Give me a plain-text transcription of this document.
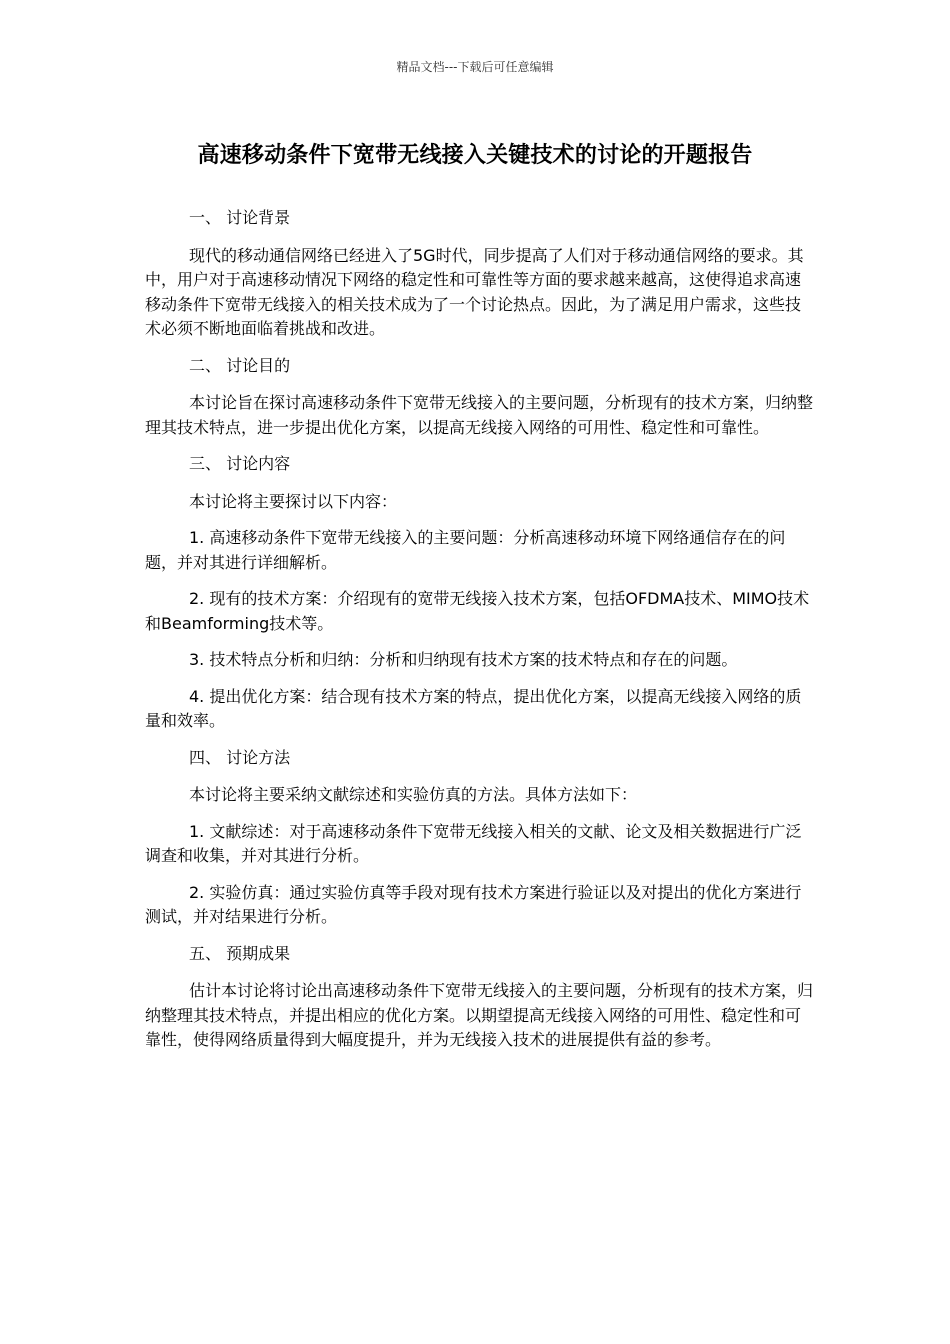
精品文档---下载后可任意编辑
高速移动条件下宽带无线接入关键技术的讨论的开题报告

一、 讨论背景

现代的移动通信网络已经进入了5G时代，同步提高了人们对于移动通信网络的要求。其中，用户对于高速移动情况下网络的稳定性和可靠性等方面的要求越来越高，这使得追求高速移动条件下宽带无线接入的相关技术成为了一个讨论热点。因此，为了满足用户需求，这些技术必须不断地面临着挑战和改进。

二、 讨论目的

本讨论旨在探讨高速移动条件下宽带无线接入的主要问题，分析现有的技术方案，归纳整理其技术特点，进一步提出优化方案，以提高无线接入网络的可用性、稳定性和可靠性。

三、 讨论内容

本讨论将主要探讨以下内容：

1. 高速移动条件下宽带无线接入的主要问题：分析高速移动环境下网络通信存在的问题，并对其进行详细解析。

2. 现有的技术方案：介绍现有的宽带无线接入技术方案，包括OFDMA技术、MIMO技术和Beamforming技术等。

3. 技术特点分析和归纳：分析和归纳现有技术方案的技术特点和存在的问题。

4. 提出优化方案：结合现有技术方案的特点，提出优化方案，以提高无线接入网络的质量和效率。

四、 讨论方法

本讨论将主要采纳文献综述和实验仿真的方法。具体方法如下：

1. 文献综述：对于高速移动条件下宽带无线接入相关的文献、论文及相关数据进行广泛调查和收集，并对其进行分析。

2. 实验仿真：通过实验仿真等手段对现有技术方案进行验证以及对提出的优化方案进行测试，并对结果进行分析。

五、 预期成果

估计本讨论将讨论出高速移动条件下宽带无线接入的主要问题，分析现有的技术方案，归纳整理其技术特点，并提出相应的优化方案。以期望提高无线接入网络的可用性、稳定性和可靠性，使得网络质量得到大幅度提升，并为无线接入技术的进展提供有益的参考。
